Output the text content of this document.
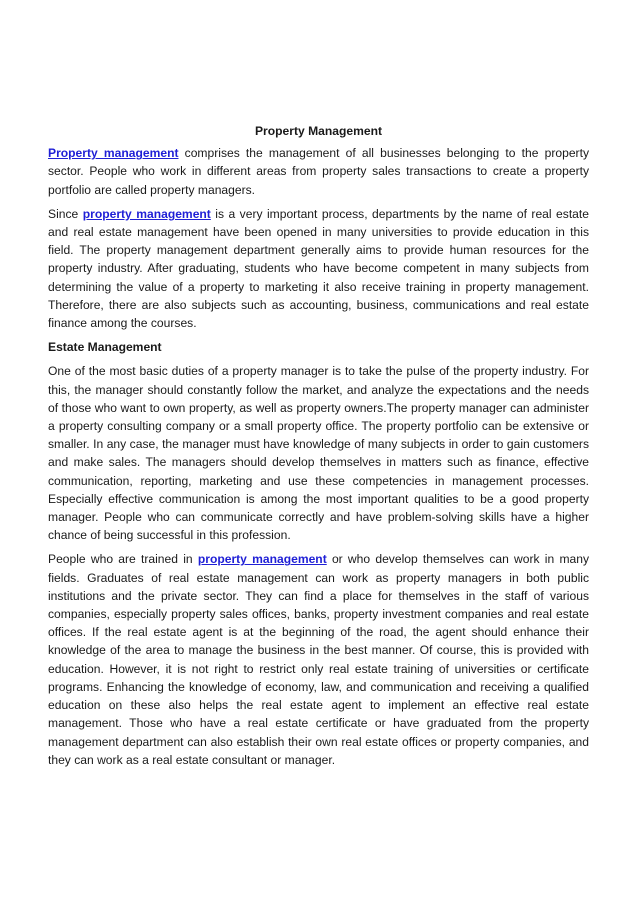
Property Management

Property management comprises the management of all businesses belonging to the property sector. People who work in different areas from property sales transactions to create a property portfolio are called property managers.

Since property management is a very important process, departments by the name of real estate and real estate management have been opened in many universities to provide education in this field. The property management department generally aims to provide human resources for the property industry. After graduating, students who have become competent in many subjects from determining the value of a property to marketing it also receive training in property management. Therefore, there are also subjects such as accounting, business, communications and real estate finance among the courses.

Estate Management

One of the most basic duties of a property manager is to take the pulse of the property industry. For this, the manager should constantly follow the market, and analyze the expectations and the needs of those who want to own property, as well as property owners.The property manager can administer a property consulting company or a small property office. The property portfolio can be extensive or smaller. In any case, the manager must have knowledge of many subjects in order to gain customers and make sales. The managers should develop themselves in matters such as finance, effective communication, reporting, marketing and use these competencies in management processes. Especially effective communication is among the most important qualities to be a good property manager. People who can communicate correctly and have problem-solving skills have a higher chance of being successful in this profession.

People who are trained in property management or who develop themselves can work in many fields. Graduates of real estate management can work as property managers in both public institutions and the private sector. They can find a place for themselves in the staff of various companies, especially property sales offices, banks, property investment companies and real estate offices. If the real estate agent is at the beginning of the road, the agent should enhance their knowledge of the area to manage the business in the best manner. Of course, this is provided with education. However, it is not right to restrict only real estate training of universities or certificate programs. Enhancing the knowledge of economy, law, and communication and receiving a qualified education on these also helps the real estate agent to implement an effective real estate management. Those who have a real estate certificate or have graduated from the property management department can also establish their own real estate offices or property companies, and they can work as a real estate consultant or manager.
